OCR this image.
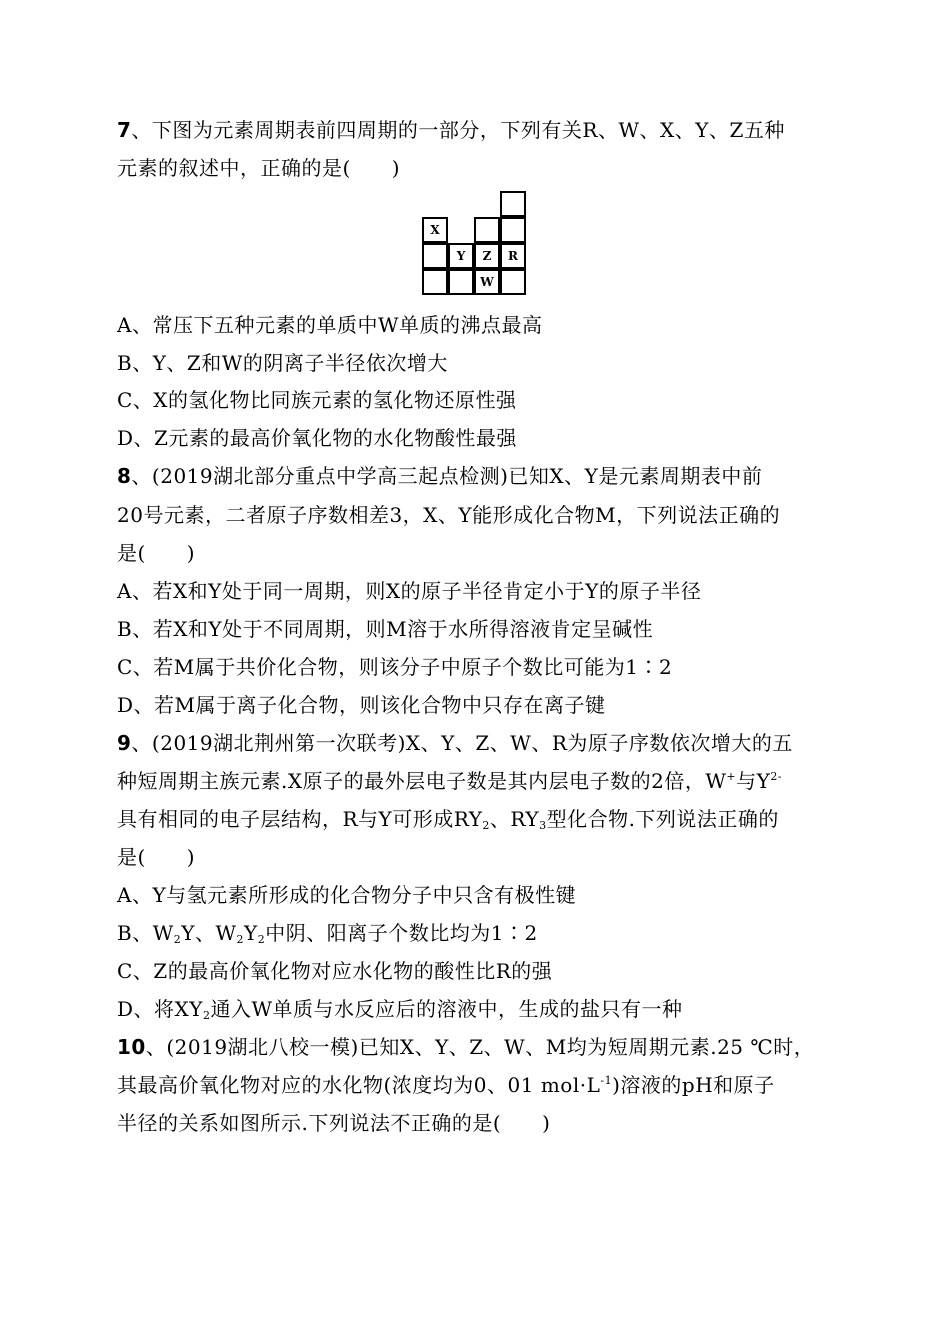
7、下图为元素周期表前四周期的一部分，下列有关R、W、X、Y、Z五种
元素的叙述中，正确的是(　　)
X
Y	Z	R
W
A、常压下五种元素的单质中W单质的沸点最高
B、Y、Z和W的阴离子半径依次增大
C、X的氢化物比同族元素的氢化物还原性强
D、Z元素的最高价氧化物的水化物酸性最强
8、(2019湖北部分重点中学高三起点检测)已知X、Y是元素周期表中前
20号元素，二者原子序数相差3，X、Y能形成化合物M，下列说法正确的
是(　　)
A、若X和Y处于同一周期，则X的原子半径肯定小于Y的原子半径
B、若X和Y处于不同周期，则M溶于水所得溶液肯定呈碱性
C、若M属于共价化合物，则该分子中原子个数比可能为1∶2
D、若M属于离子化合物，则该化合物中只存在离子键
9、(2019湖北荆州第一次联考)X、Y、Z、W、R为原子序数依次增大的五
种短周期主族元素.X原子的最外层电子数是其内层电子数的2倍，W+与$Y^{2-}$
具有相同的电子层结构，R与Y可形成$RY_2$、$RY_3$型化合物.下列说法正确的
是(　　)
A、Y与氢元素所形成的化合物分子中只含有极性键
B、$W_2Y$、$W_2Y_2$中阴、阳离子个数比均为1∶2
C、Z的最高价氧化物对应水化物的酸性比R的强
D、将$XY_2$通入W单质与水反应后的溶液中，生成的盐只有一种
10、(2019湖北八校一模)已知X、Y、Z、W、M均为短周期元素.25 ℃时，
其最高价氧化物对应的水化物(浓度均为0、01 $mol\cdot L^{-1}$)溶液的pH和原子
半径的关系如图所示.下列说法不正确的是(　　)
